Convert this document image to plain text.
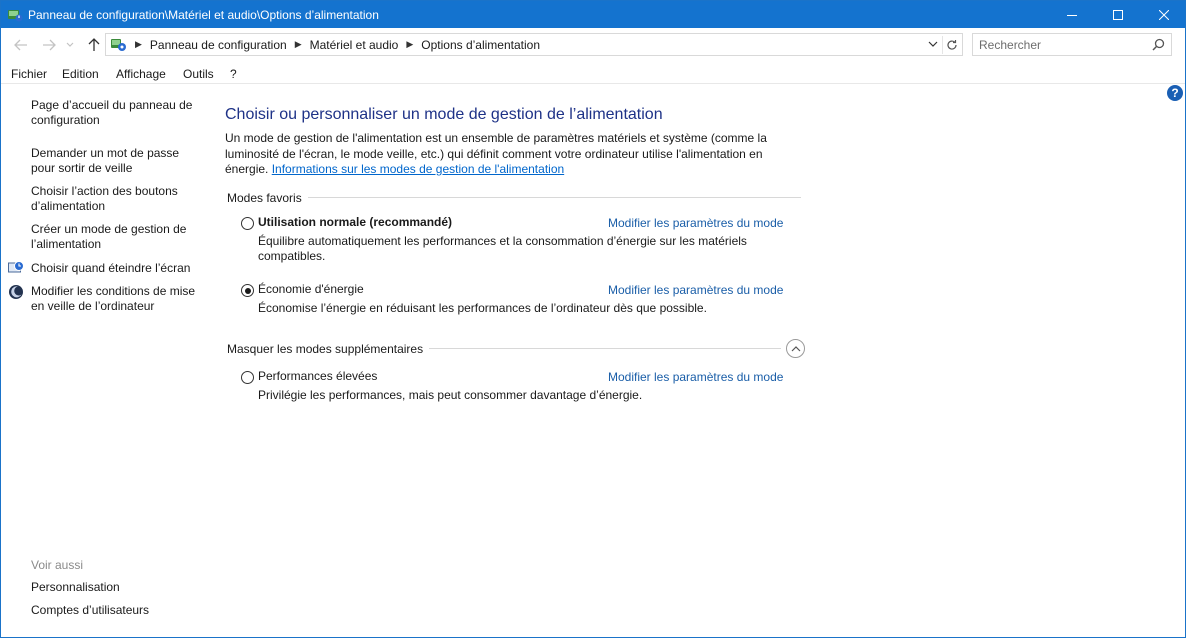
Panneau de configuration\Matériel et audio\Options d’alimentation
▶ Panneau de configuration ▶ Matériel et audio ▶ Options d’alimentation
Rechercher
Fichier Edition Affichage Outils ?
?
Page d’accueil du panneau de configuration
Demander un mot de passe pour sortir de veille
Choisir l’action des boutons d’alimentation
Créer un mode de gestion de l’alimentation
Choisir quand éteindre l’écran
Modifier les conditions de mise en veille de l’ordinateur
Voir aussi
Personnalisation
Comptes d’utilisateurs
Choisir ou personnaliser un mode de gestion de l’alimentation
Un mode de gestion de l'alimentation est un ensemble de paramètres matériels et système (comme la luminosité de l'écran, le mode veille, etc.) qui définit comment votre ordinateur utilise l'alimentation en énergie. Informations sur les modes de gestion de l'alimentation
Modes favoris
Utilisation normale (recommandé)	Modifier les paramètres du mode
Équilibre automatiquement les performances et la consommation d’énergie sur les matériels compatibles.
Économie d'énergie	Modifier les paramètres du mode
Économise l’énergie en réduisant les performances de l’ordinateur dès que possible.
Masquer les modes supplémentaires
Performances élevées	Modifier les paramètres du mode
Privilégie les performances, mais peut consommer davantage d’énergie.
